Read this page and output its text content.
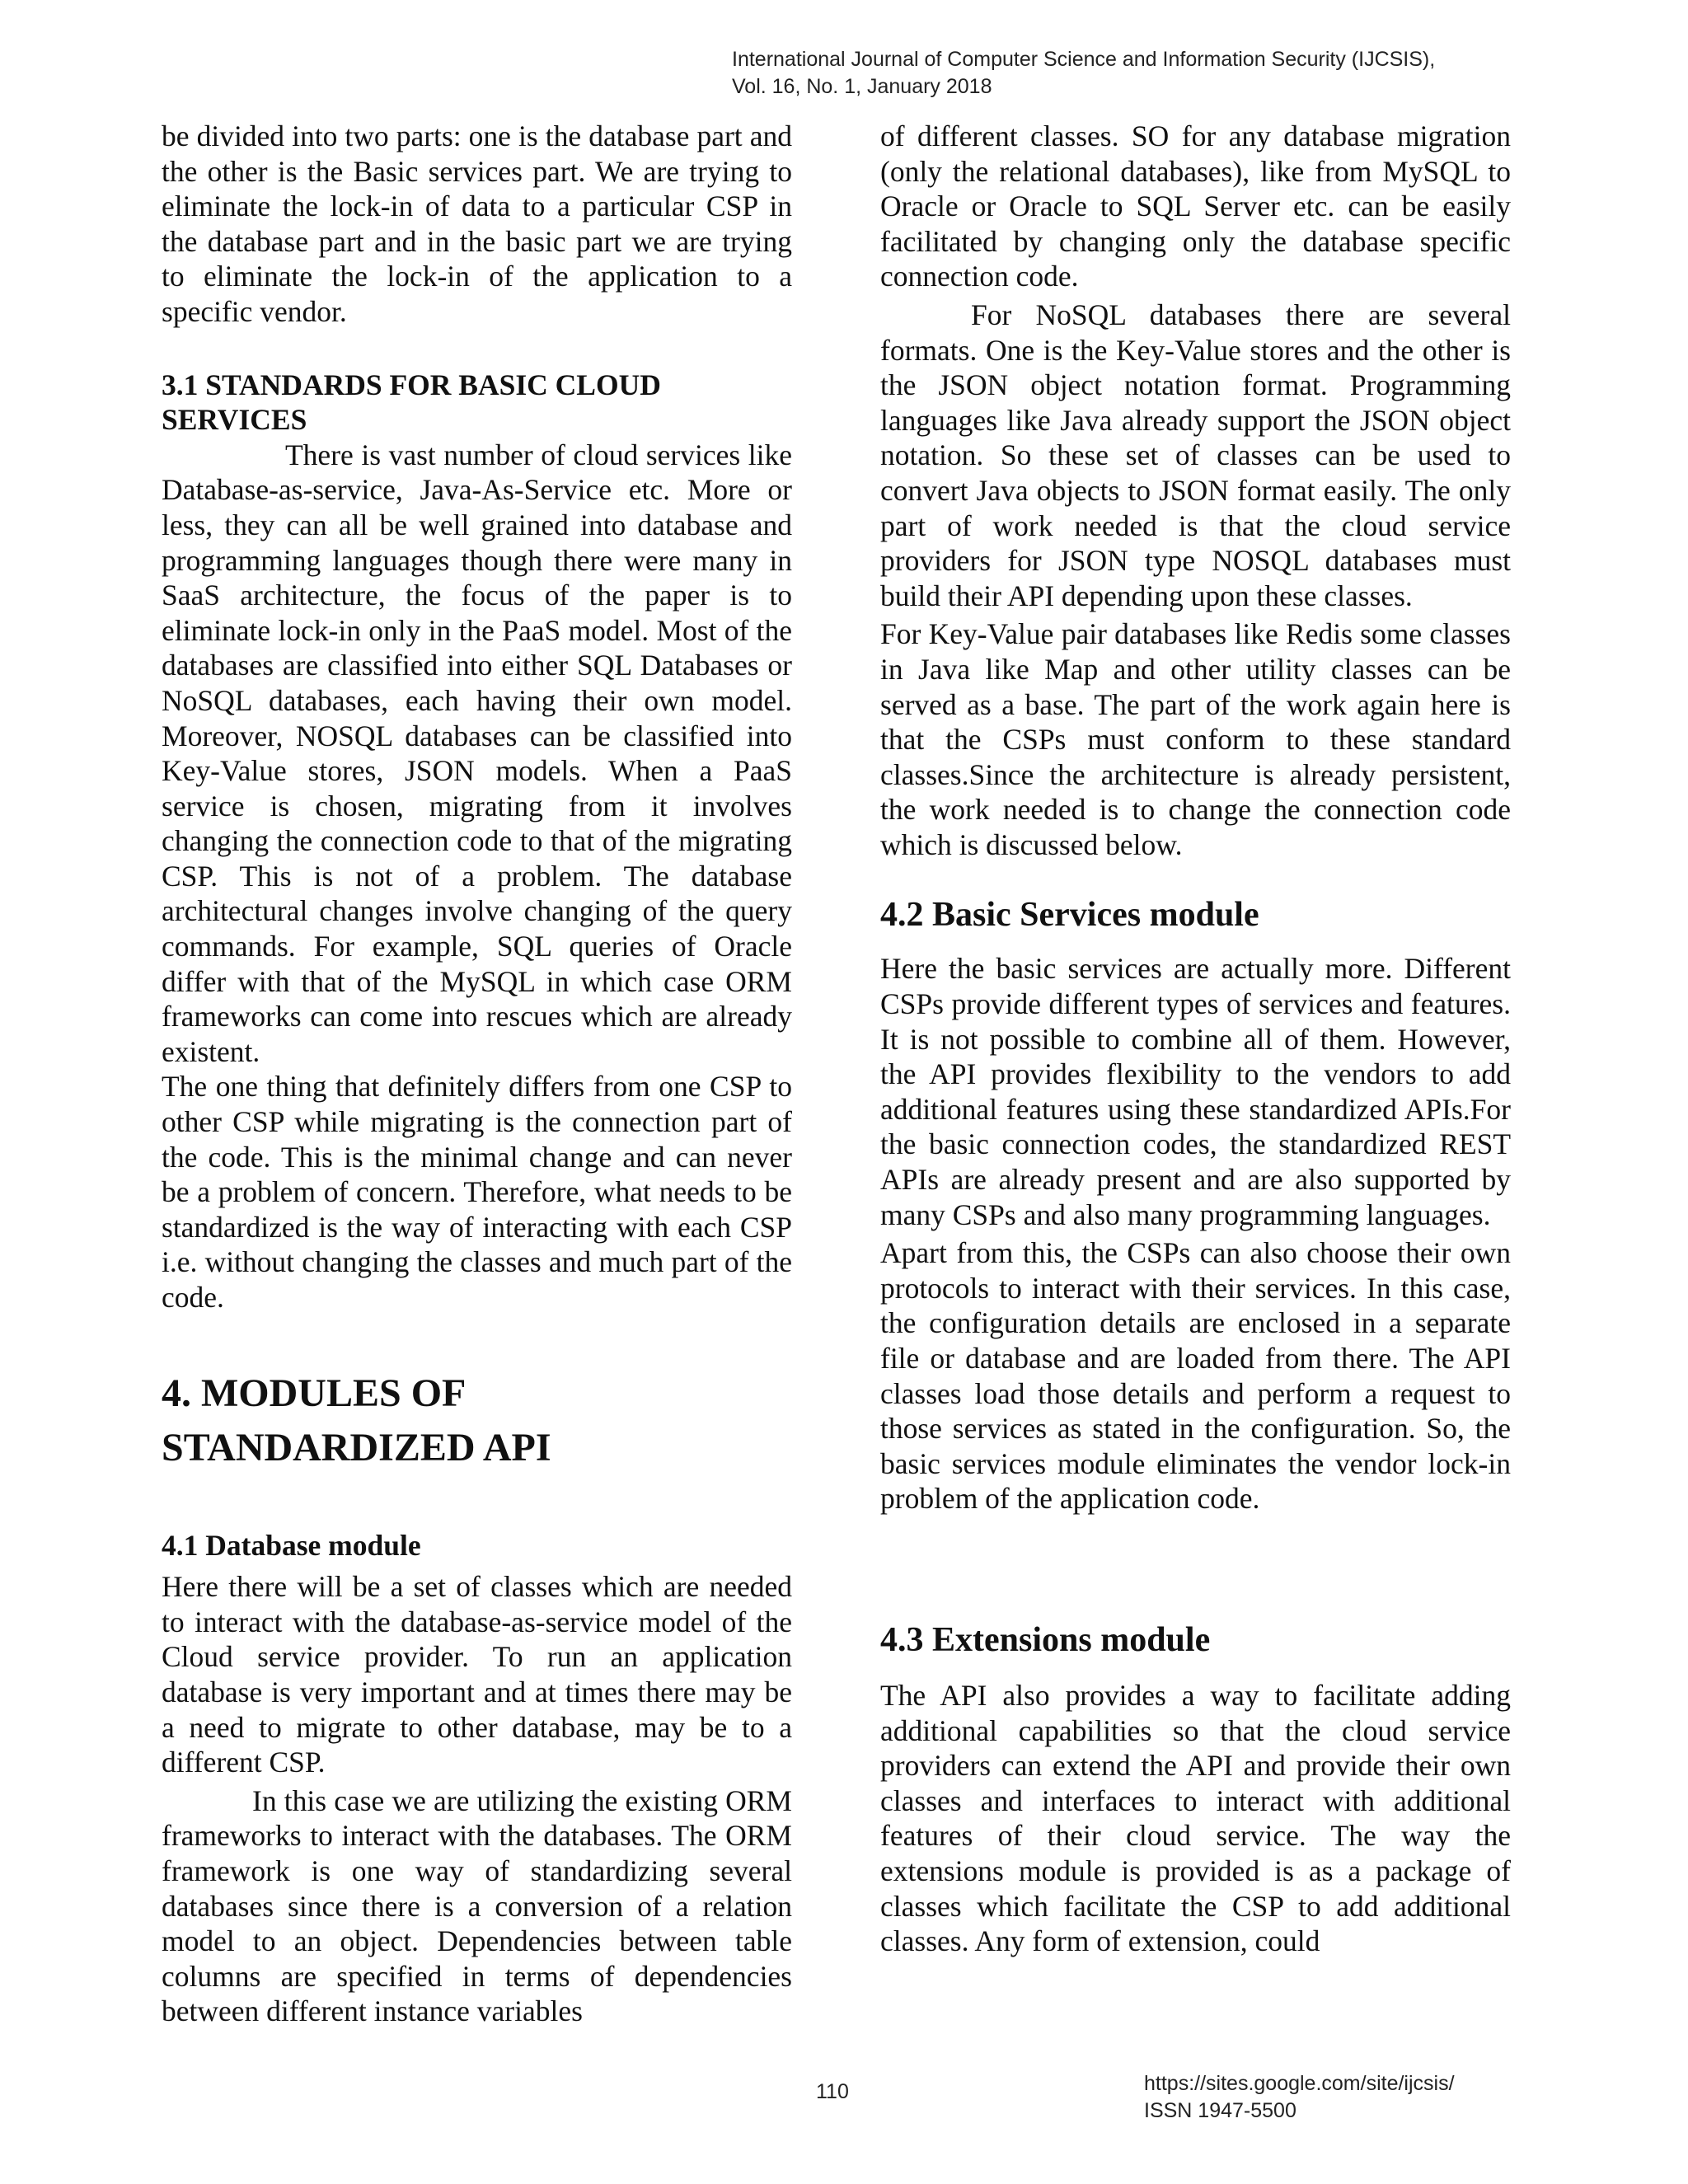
International Journal of Computer Science and Information Security (IJCSIS),
Vol. 16, No. 1, January 2018

be divided into two parts: one is the database part and the other is the Basic services part. We are trying to eliminate the lock-in of data to a particular CSP in the database part and in the basic part we are trying to eliminate the lock-in of the application to a specific vendor.

3.1 STANDARDS FOR BASIC CLOUD
SERVICES

There is vast number of cloud services like Database-as-service, Java-As-Service etc. More or less, they can all be well grained into database and programming languages though there were many in SaaS architecture, the focus of the paper is to eliminate lock-in only in the PaaS model. Most of the databases are classified into either SQL Databases or NoSQL databases, each having their own model. Moreover, NOSQL databases can be classified into Key-Value stores, JSON models. When a PaaS service is chosen, migrating from it involves changing the connection code to that of the migrating CSP. This is not of a problem. The database architectural changes involve changing of the query commands. For example, SQL queries of Oracle differ with that of the MySQL in which case ORM frameworks can come into rescues which are already existent.

The one thing that definitely differs from one CSP to other CSP while migrating is the connection part of the code. This is the minimal change and can never be a problem of concern. Therefore, what needs to be standardized is the way of interacting with each CSP i.e. without changing the classes and much part of the code.

4. MODULES OF
STANDARDIZED API
4.1 Database module

Here there will be a set of classes which are needed to interact with the database-as-service model of the Cloud service provider. To run an application database is very important and at times there may be a need to migrate to other database, may be to a different CSP.

In this case we are utilizing the existing ORM frameworks to interact with the databases. The ORM framework is one way of standardizing several databases since there is a conversion of a relation model to an object. Dependencies between table columns are specified in terms of dependencies between different instance variables

of different classes. SO for any database migration (only the relational databases), like from MySQL to Oracle or Oracle to SQL Server etc. can be easily facilitated by changing only the database specific connection code.

For NoSQL databases there are several formats. One is the Key-Value stores and the other is the JSON object notation format. Programming languages like Java already support the JSON object notation. So these set of classes can be used to convert Java objects to JSON format easily. The only part of work needed is that the cloud service providers for JSON type NOSQL databases must build their API depending upon these classes.

For Key-Value pair databases like Redis some classes in Java like Map and other utility classes can be served as a base. The part of the work again here is that the CSPs must conform to these standard classes.Since the architecture is already persistent, the work needed is to change the connection code which is discussed below.

4.2 Basic Services module

Here the basic services are actually more. Different CSPs provide different types of services and features. It is not possible to combine all of them. However, the API provides flexibility to the vendors to add additional features using these standardized APIs.For the basic connection codes, the standardized REST APIs are already present and are also supported by many CSPs and also many programming languages.

Apart from this, the CSPs can also choose their own protocols to interact with their services. In this case, the configuration details are enclosed in a separate file or database and are loaded from there. The API classes load those details and perform a request to those services as stated in the configuration. So, the basic services module eliminates the vendor lock-in problem of the application code.

4.3 Extensions module

The API also provides a way to facilitate adding additional capabilities so that the cloud service providers can extend the API and provide their own classes and interfaces to interact with additional features of their cloud service. The way the extensions module is provided is as a package of classes which facilitate the CSP to add additional classes. Any form of extension, could

110	https://sites.google.com/site/ijcsis/
ISSN 1947-5500
